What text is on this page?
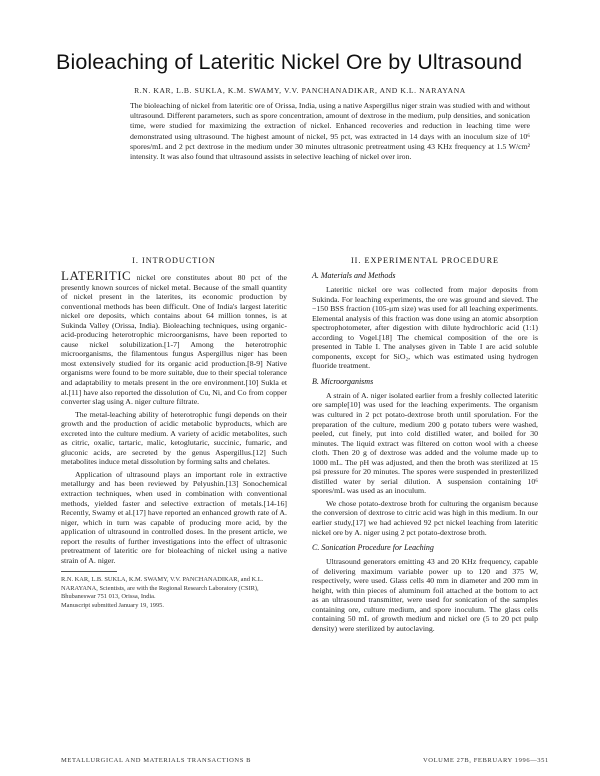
Bioleaching of Lateritic Nickel Ore by Ultrasound
R.N. KAR, L.B. SUKLA, K.M. SWAMY, V.V. PANCHANADIKAR, AND K.L. NARAYANA
The bioleaching of nickel from lateritic ore of Orissa, India, using a native Aspergillus niger strain was studied with and without ultrasound. Different parameters, such as spore concentration, amount of dextrose in the medium, pulp densities, and sonication time, were studied for maximizing the extraction of nickel. Enhanced recoveries and reduction in leaching time were demonstrated using ultrasound. The highest amount of nickel, 95 pct, was extracted in 14 days with an inoculum size of 10⁶ spores/mL and 2 pct dextrose in the medium under 30 minutes ultrasonic pretreatment using 43 KHz frequency at 1.5 W/cm² intensity. It was also found that ultrasound assists in selective leaching of nickel over iron.
I. INTRODUCTION

LATERITIC nickel ore constitutes about 80 pct of the presently known sources of nickel metal. Because of the small quantity of nickel present in the laterites, its economic production by conventional methods has been difficult. One of India's largest lateritic nickel ore deposits, which contains about 64 million tonnes, is at Sukinda Valley (Orissa, India). Bioleaching techniques, using organic-acid-producing heterotrophic microorganisms, have been reported to cause nickel solubilization.[1-7] Among the heterotrophic microorganisms, the filamentous fungus Aspergillus niger has been most extensively studied for its organic acid production.[8-9] Native organisms were found to be more suitable, due to their special tolerance and adaptability to metals present in the ore environment.[10] Sukla et al.[11] have also reported the dissolution of Cu, Ni, and Co from copper converter slag using A. niger culture filtrate.

The metal-leaching ability of heterotrophic fungi depends on their growth and the production of acidic metabolic byproducts, which are excreted into the culture medium. A variety of acidic metabolites, such as citric, oxalic, tartaric, malic, ketoglutaric, succinic, fumaric, and gluconic acids, are secreted by the genus Aspergillus.[12] Such metabolites induce metal dissolution by forming salts and chelates.

Application of ultrasound plays an important role in extractive metallurgy and has been reviewed by Pelyushin.[13] Sonochemical extraction techniques, when used in combination with conventional methods, yielded faster and selective extraction of metals.[14-16] Recently, Swamy et al.[17] have reported an enhanced growth rate of A. niger, which in turn was capable of producing more acid, by the application of ultrasound in controlled doses. In the present article, we report the results of further investigations into the effect of ultrasonic pretreatment of lateritic ore for bioleaching of nickel using a native strain of A. niger.

R.N. KAR, L.B. SUKLA, K.M. SWAMY, V.V. PANCHANADIKAR, and K.L. NARAYANA, Scientists, are with the Regional Research Laboratory (CSIR), Bhubaneswar 751 013, Orissa, India.

Manuscript submitted January 19, 1995.

II. EXPERIMENTAL PROCEDURE
A. Materials and Methods

Lateritic nickel ore was collected from major deposits from Sukinda. For leaching experiments, the ore was ground and sieved. The −150 BSS fraction (105-μm size) was used for all leaching experiments. Elemental analysis of this fraction was done using an atomic absorption spectrophotometer, after digestion with dilute hydrochloric acid (1:1) according to Vogel.[18] The chemical composition of the ore is presented in Table I. The analyses given in Table I are acid soluble components, except for SiO₂, which was estimated using hydrogen fluoride treatment.

B. Microorganisms

A strain of A. niger isolated earlier from a freshly collected lateritic ore sample[10] was used for the leaching experiments. The organism was cultured in 2 pct potato-dextrose broth until sporulation. For the preparation of the culture, medium 200 g potato tubers were washed, peeled, cut finely, put into cold distilled water, and boiled for 30 minutes. The liquid extract was filtered on cotton wool with a cheese cloth. Then 20 g of dextrose was added and the volume made up to 1000 mL. The pH was adjusted, and then the broth was sterilized at 15 psi pressure for 20 minutes. The spores were suspended in presterilized distilled water by serial dilution. A suspension containing 10⁶ spores/mL was used as an inoculum.

We chose potato-dextrose broth for culturing the organism because the conversion of dextrose to citric acid was high in this medium. In our earlier study,[17] we had achieved 92 pct nickel leaching from lateritic nickel ore by A. niger using 2 pct potato-dextrose broth.

C. Sonication Procedure for Leaching

Ultrasound generators emitting 43 and 20 KHz frequency, capable of delivering maximum variable power up to 120 and 375 W, respectively, were used. Glass cells 40 mm in diameter and 200 mm in height, with thin pieces of aluminum foil attached at the bottom to act as an ultrasound transmitter, were used for sonication of the samples containing ore, culture medium, and spore inoculum. The glass cells containing 50 mL of growth medium and nickel ore (5 to 20 pct pulp density) were sterilized by autoclaving.

METALLURGICAL AND MATERIALS TRANSACTIONS B	VOLUME 27B, FEBRUARY 1996—351
